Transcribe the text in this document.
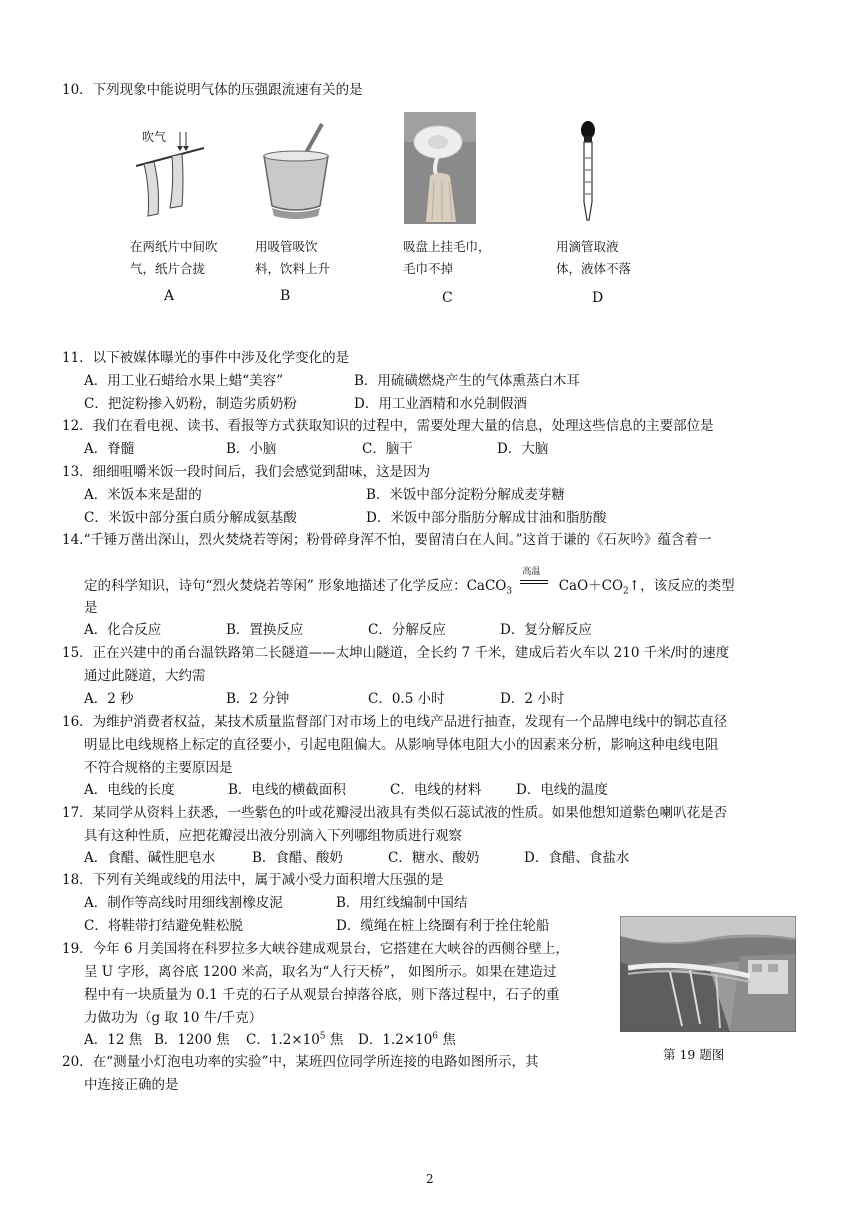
10．下列现象中能说明气体的压强跟流速有关的是
吹气
在两纸片中间吹气，纸片合拢
用吸管吸饮料，饮料上升
吸盘上挂毛巾，毛巾不掉
用滴管取液体，液体不落
A	B	C	D
11．以下被媒体曝光的事件中涉及化学变化的是
A．用工业石蜡给水果上蜡“美容”	B．用硫磺燃烧产生的气体熏蒸白木耳
C．把淀粉掺入奶粉，制造劣质奶粉	D．用工业酒精和水兑制假酒
12．我们在看电视、读书、看报等方式获取知识的过程中，需要处理大量的信息，处理这些信息的主要部位是
A．脊髓	B．小脑	C．脑干	D．大脑
13．细细咀嚼米饭一段时间后，我们会感觉到甜味，这是因为
A．米饭本来是甜的	B．米饭中部分淀粉分解成麦芽糖
C．米饭中部分蛋白质分解成氨基酸	D．米饭中部分脂肪分解成甘油和脂肪酸
14.“千锤万凿出深山，烈火焚烧若等闲；粉骨碎身浑不怕，要留清白在人间。”这首于谦的《石灰吟》蕴含着一
定的科学知识，诗句“烈火焚烧若等闲” 形象地描述了化学反应：CaCO$_3$
高温
$CaO+CO_2↑$，该反应的类型
是
A．化合反应	B．置换反应	C．分解反应	D．复分解反应
15．正在兴建中的甬台温铁路第二长隧道——太坤山隧道，全长约 7 千米，建成后若火车以 210 千米/时的速度
通过此隧道，大约需
A．2 秒	B．2 分钟	C．0.5 小时	D．2 小时
16．为维护消费者权益，某技术质量监督部门对市场上的电线产品进行抽查，发现有一个品牌电线中的铜芯直径
明显比电线规格上标定的直径要小，引起电阻偏大。从影响导体电阻大小的因素来分析，影响这种电线电阻
不符合规格的主要原因是
A．电线的长度	B．电线的横截面积	C．电线的材料	D．电线的温度
17．某同学从资料上获悉，一些紫色的叶或花瓣浸出液具有类似石蕊试液的性质。如果他想知道紫色喇叭花是否
具有这种性质，应把花瓣浸出液分别滴入下列哪组物质进行观察
A．食醋、碱性肥皂水	B．食醋、酸奶	C．糖水、酸奶	D．食醋、食盐水
18．下列有关绳或线的用法中，属于减小受力面积增大压强的是
A．制作等高线时用细线割橡皮泥	B．用红线编制中国结
C．将鞋带打结避免鞋松脱	D．缆绳在桩上绕圈有利于拴住轮船
19．今年 6 月美国将在科罗拉多大峡谷建成观景台，它搭建在大峡谷的西侧谷壁上，
呈 U 字形，离谷底 1200 米高，取名为“人行天桥”， 如图所示。如果在建造过
程中有一块质量为 0.1 千克的石子从观景台掉落谷底，则下落过程中，石子的重
力做功为（g 取 10 牛/千克）
A．12 焦 B．1200 焦 C．$1.2\times 10^5$ 焦 D．$1.2\times 10^6$ 焦
第 19 题图
20．在“测量小灯泡电功率的实验”中，某班四位同学所连接的电路如图所示，其
中连接正确的是
2
